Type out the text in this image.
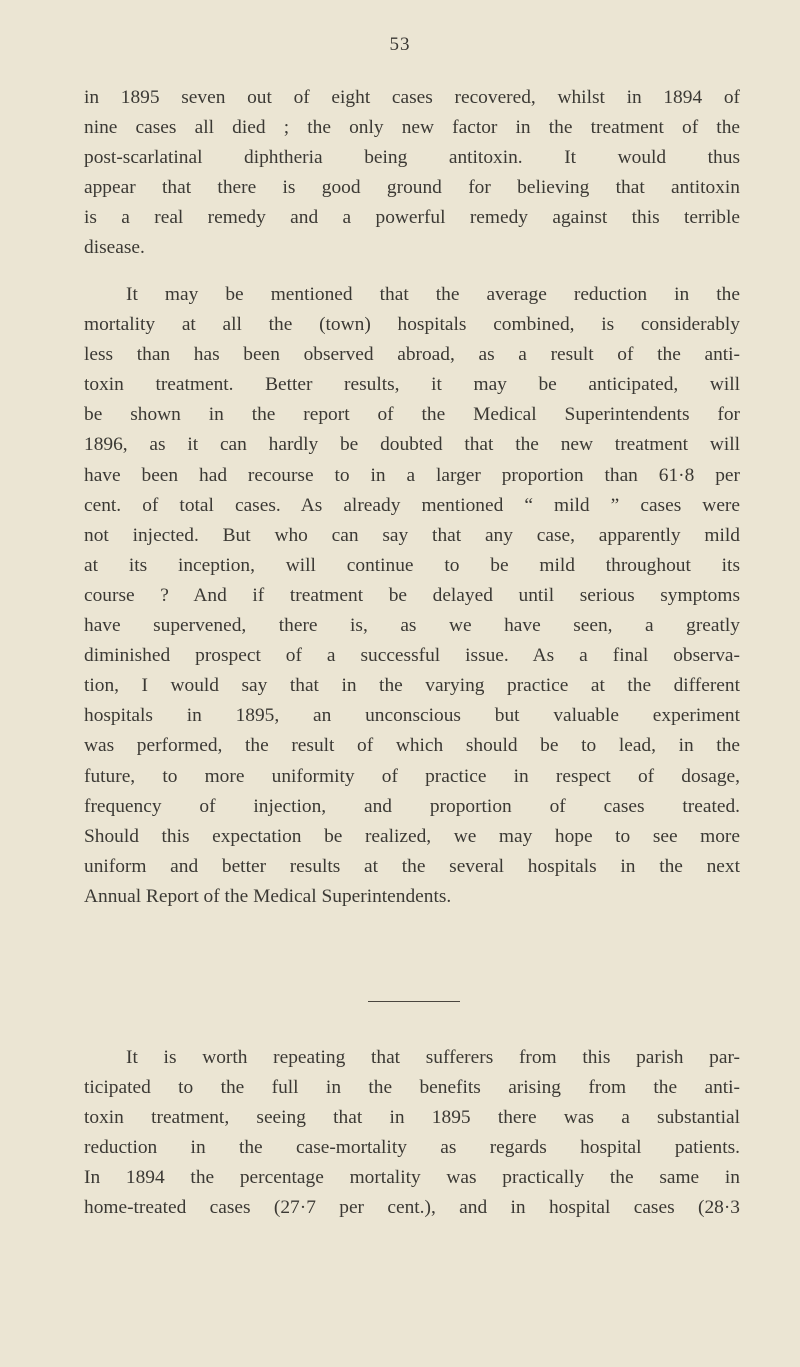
53
in 1895 seven out of eight cases recovered, whilst in 1894 of
nine cases all died ; the only new factor in the treatment of the
post-scarlatinal diphtheria being antitoxin. It would thus
appear that there is good ground for believing that antitoxin
is a real remedy and a powerful remedy against this terrible
disease.
It may be mentioned that the average reduction in the
mortality at all the (town) hospitals combined, is considerably
less than has been observed abroad, as a result of the anti-
toxin treatment. Better results, it may be anticipated, will
be shown in the report of the Medical Superintendents for
1896, as it can hardly be doubted that the new treatment will
have been had recourse to in a larger proportion than 61·8 per
cent. of total cases. As already mentioned “ mild ” cases were
not injected. But who can say that any case, apparently mild
at its inception, will continue to be mild throughout its
course ? And if treatment be delayed until serious symptoms
have supervened, there is, as we have seen, a greatly
diminished prospect of a successful issue. As a final observa-
tion, I would say that in the varying practice at the different
hospitals in 1895, an unconscious but valuable experiment
was performed, the result of which should be to lead, in the
future, to more uniformity of practice in respect of dosage,
frequency of injection, and proportion of cases treated.
Should this expectation be realized, we may hope to see more
uniform and better results at the several hospitals in the next
Annual Report of the Medical Superintendents.
It is worth repeating that sufferers from this parish par-
ticipated to the full in the benefits arising from the anti-
toxin treatment, seeing that in 1895 there was a substantial
reduction in the case-mortality as regards hospital patients.
In 1894 the percentage mortality was practically the same in
home-treated cases (27·7 per cent.), and in hospital cases (28·3
